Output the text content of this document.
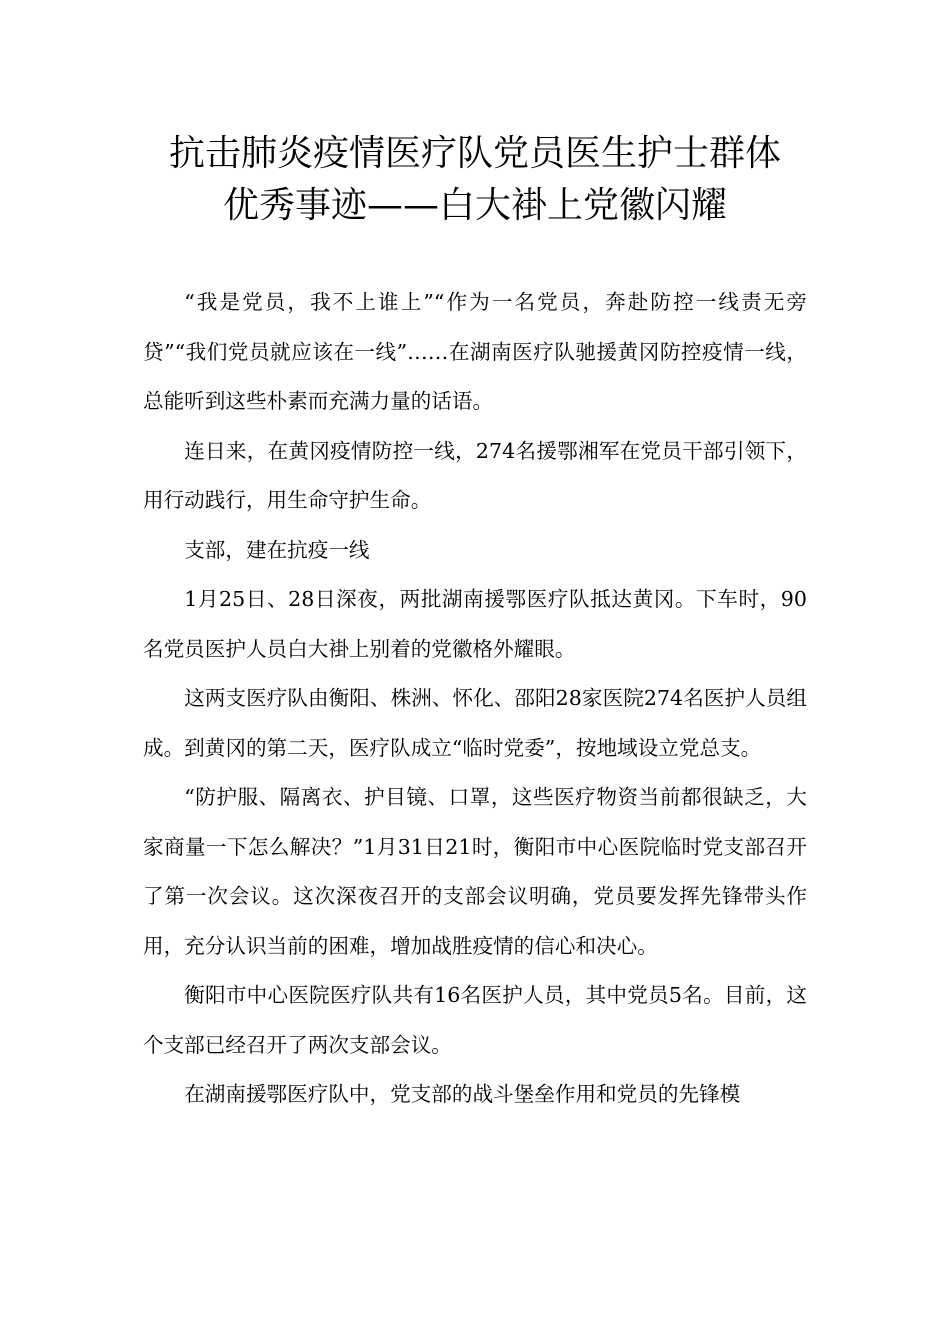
抗击肺炎疫情医疗队党员医生护士群体
优秀事迹——白大褂上党徽闪耀

“我是党员，我不上谁上”“作为一名党员，奔赴防控一线责无旁贷”“我们党员就应该在一线”……在湖南医疗队驰援黄冈防控疫情一线，总能听到这些朴素而充满力量的话语。

连日来，在黄冈疫情防控一线，274名援鄂湘军在党员干部引领下，用行动践行，用生命守护生命。

支部，建在抗疫一线

1月25日、28日深夜，两批湖南援鄂医疗队抵达黄冈。下车时，90名党员医护人员白大褂上别着的党徽格外耀眼。

这两支医疗队由衡阳、株洲、怀化、邵阳28家医院274名医护人员组成。到黄冈的第二天，医疗队成立“临时党委”，按地域设立党总支。

“防护服、隔离衣、护目镜、口罩，这些医疗物资当前都很缺乏，大家商量一下怎么解决？”1月31日21时，衡阳市中心医院临时党支部召开了第一次会议。这次深夜召开的支部会议明确，党员要发挥先锋带头作用，充分认识当前的困难，增加战胜疫情的信心和决心。

衡阳市中心医院医疗队共有16名医护人员，其中党员5名。目前，这个支部已经召开了两次支部会议。

在湖南援鄂医疗队中，党支部的战斗堡垒作用和党员的先锋模
